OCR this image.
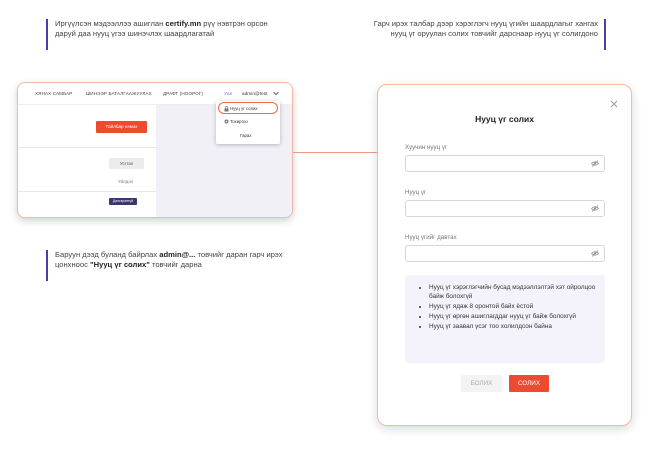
Иргүүлсэн мэдээллээ ашиглан certify.mn рүү нэвтрэн орсон даруй даа нууц үгээ шинэчлэх шаардлагатай
Гарч ирэх талбар дээр хэрэглэгч нууц үгийн шаардлагыг хангах нууц үг оруулан солих товчийг дарснаар нууц үг солигдоно
Баруун дээд буланд байрлах admin@... товчийг даран гарч ирэх цонхноос "Нууц үг солих" товчийг дарна
ХЯНАХ САМБАР	ШИНЭЭР БАТАЛГААЖУУЛАХ ДРАФТ (НООРОГ)	Уал admin@test
Тайлбар нэмэх
Устгах
Үйлдэл
Дэлгэрэнгүй
Нууц үг солих
Тохиргоо
Гарах
Нууц үг солих
Хуучин нууц үг
Нууц үг
Нууц үгийг давтах
• Нууц үг хэрэглэгчийн бусад мэдээллэлтэй хэт ойролцоо байж болохгүй
• Нууц үг ядаж 8 оронтой байх ёстой
• Нууц үг өргөн ашиглагддаг нууц үг байж болохгүй
• Нууц үг заавал үсэг тоо холилдсон байна
БОЛИХ	СОЛИХ
